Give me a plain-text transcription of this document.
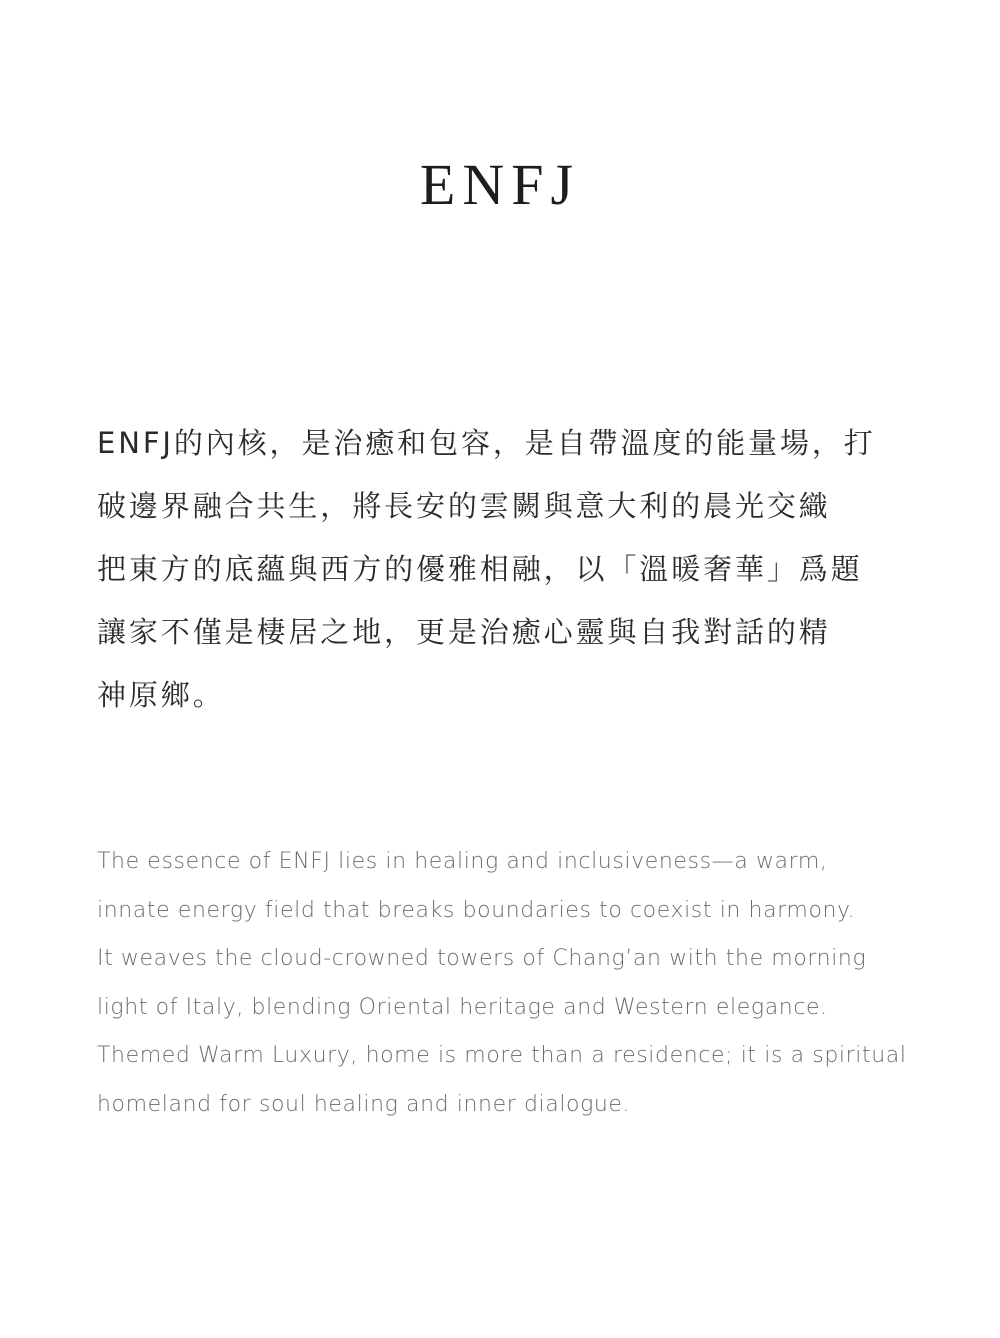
ENFJ
ENFJ的內核，是治癒和包容，是自帶溫度的能量場，打
破邊界融合共生，將長安的雲闕與意大利的晨光交織
把東方的底蘊與西方的優雅相融，以「溫暖奢華」爲題
讓家不僅是棲居之地，更是治癒心靈與自我對話的精
神原鄉。
The essence of ENFJ lies in healing and inclusiveness—a warm,
innate energy field that breaks boundaries to coexist in harmony.
It weaves the cloud-crowned towers of Chang’an with the morning
light of Italy, blending Oriental heritage and Western elegance.
Themed Warm Luxury, home is more than a residence; it is a spiritual
homeland for soul healing and inner dialogue.
